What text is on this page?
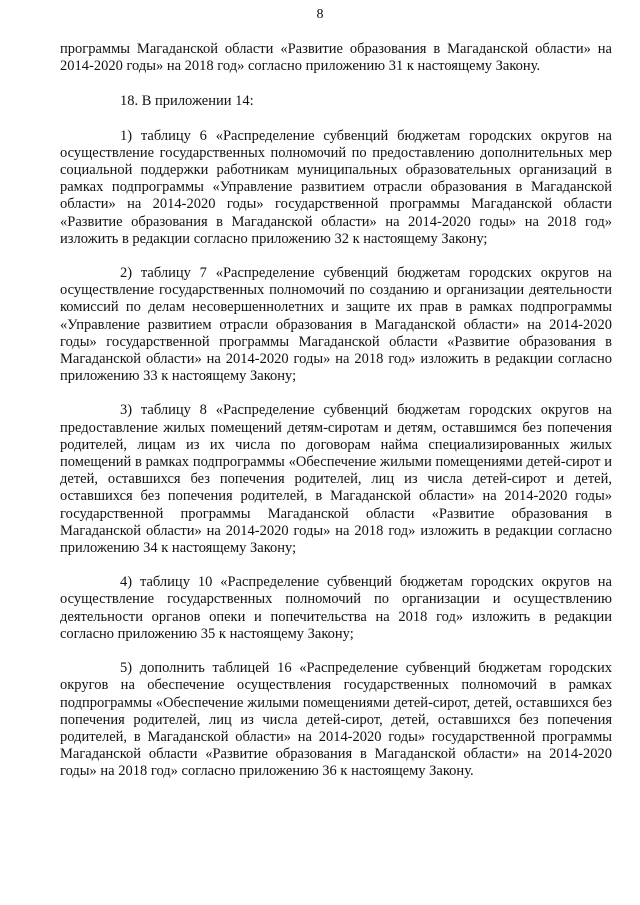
8

программы Магаданской области «Развитие образования в Магаданской области» на 2014-2020 годы» на 2018 год» согласно приложению 31 к настоящему Закону.

18. В приложении 14:

1) таблицу 6 «Распределение субвенций бюджетам городских округов на осуществление государственных полномочий по предоставлению дополнительных мер социальной поддержки работникам муниципальных образовательных организаций в рамках подпрограммы «Управление развитием отрасли образования в Магаданской области» на 2014-2020 годы» государственной программы Магаданской области «Развитие образования в Магаданской области» на 2014-2020 годы» на 2018 год» изложить в редакции согласно приложению 32 к настоящему Закону;

2) таблицу 7 «Распределение субвенций бюджетам городских округов на осуществление государственных полномочий по созданию и организации деятельности комиссий по делам несовершеннолетних и защите их прав в рамках подпрограммы «Управление развитием отрасли образования в Магаданской области» на 2014-2020 годы» государственной программы Магаданской области «Развитие образования в Магаданской области» на 2014-2020 годы» на 2018 год» изложить в редакции согласно приложению 33 к настоящему Закону;

3) таблицу 8 «Распределение субвенций бюджетам городских округов на предоставление жилых помещений детям-сиротам и детям, оставшимся без попечения родителей, лицам из их числа по договорам найма специализированных жилых помещений в рамках подпрограммы «Обеспечение жилыми помещениями детей-сирот и детей, оставшихся без попечения родителей, лиц из числа детей-сирот и детей, оставшихся без попечения родителей, в Магаданской области» на 2014-2020 годы» государственной программы Магаданской области «Развитие образования в Магаданской области» на 2014-2020 годы» на 2018 год» изложить в редакции согласно приложению 34 к настоящему Закону;

4) таблицу 10 «Распределение субвенций бюджетам городских округов на осуществление государственных полномочий по организации и осуществлению деятельности органов опеки и попечительства на 2018 год» изложить в редакции согласно приложению 35 к настоящему Закону;

5) дополнить таблицей 16 «Распределение субвенций бюджетам городских округов на обеспечение осуществления государственных полномочий в рамках подпрограммы «Обеспечение жилыми помещениями детей-сирот, детей, оставшихся без попечения родителей, лиц из числа детей-сирот, детей, оставшихся без попечения родителей, в Магаданской области» на 2014-2020 годы» государственной программы Магаданской области «Развитие образования в Магаданской области» на 2014-2020 годы» на 2018 год» согласно приложению 36 к настоящему Закону.
